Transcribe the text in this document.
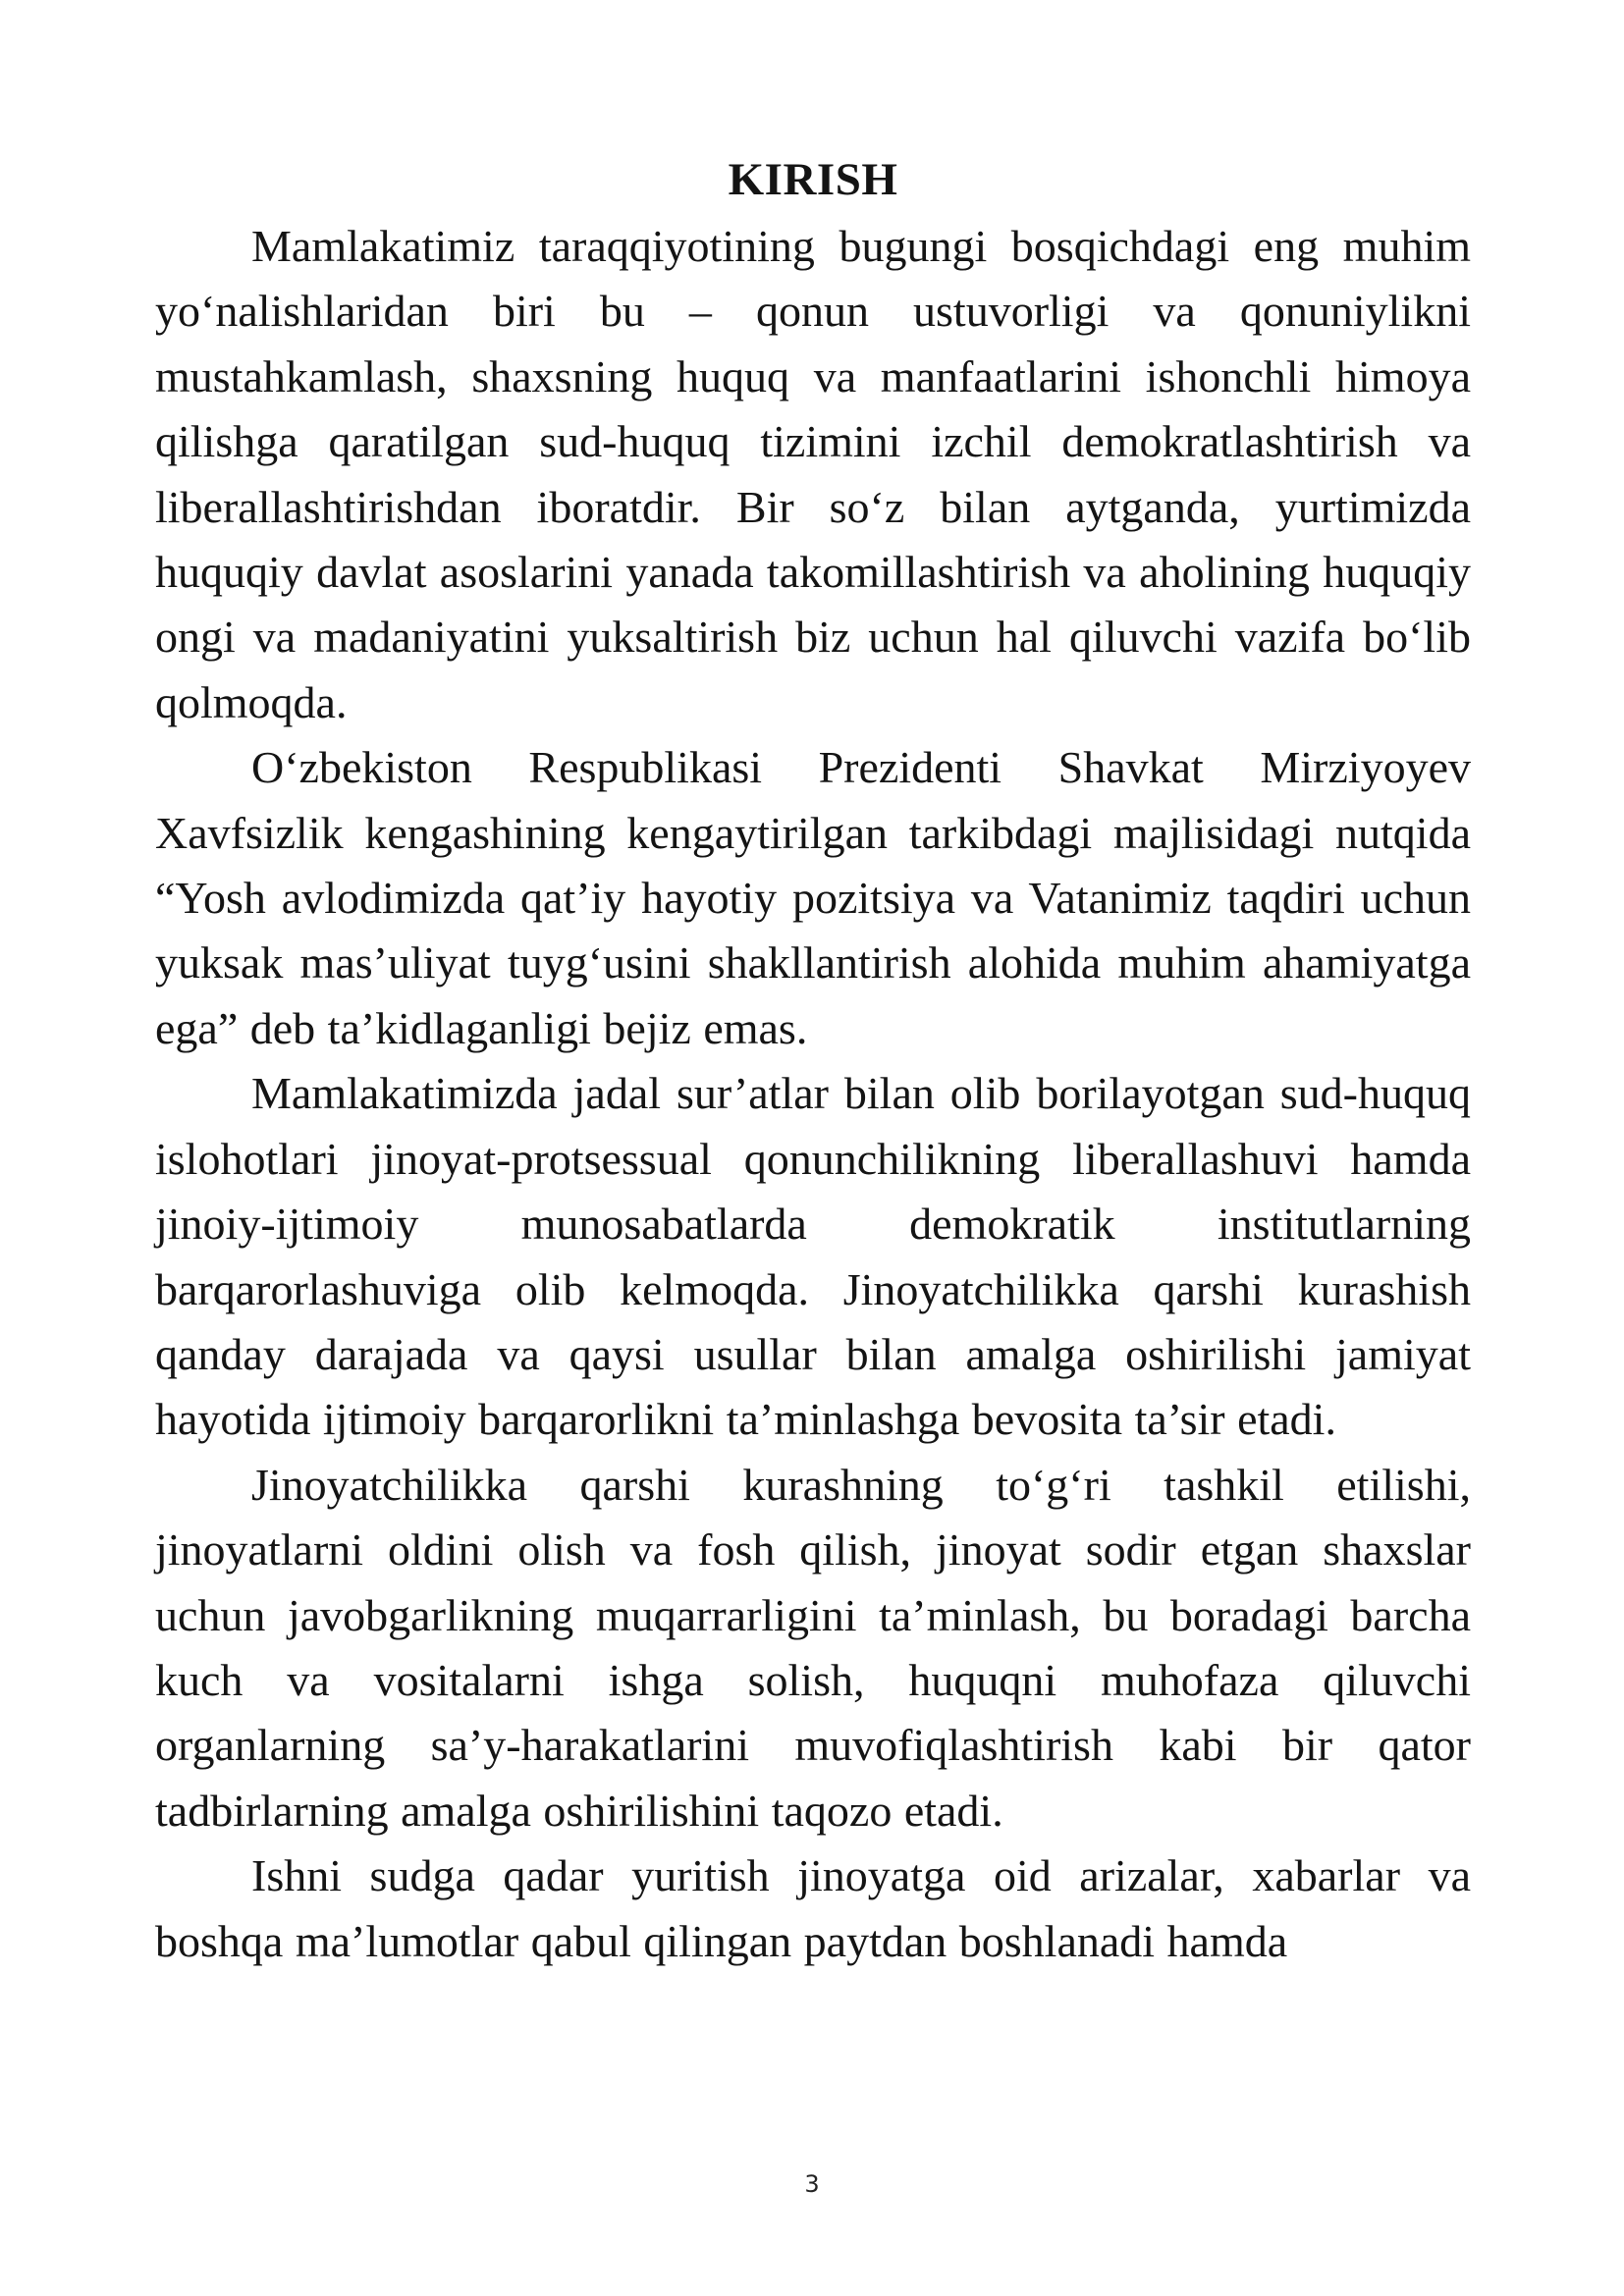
KIRISH

Mamlakatimiz taraqqiyotining bugungi bosqichdagi eng muhim yo‘nalishlaridan biri bu – qonun ustuvorligi va qonuniylikni mustahkamlash, shaxsning huquq va manfaatlarini ishonchli himoya qilishga qaratilgan sud-huquq tizimini izchil demokratlashtirish va liberallashtirishdan iboratdir. Bir so‘z bilan aytganda, yurtimizda huquqiy davlat asoslarini yanada takomillashtirish va aholining huquqiy ongi va madaniyatini yuksaltirish biz uchun hal qiluvchi vazifa bo‘lib qolmoqda.

O‘zbekiston Respublikasi Prezidenti Shavkat Mirziyoyev Xavfsizlik kengashining kengaytirilgan tarkibdagi majlisidagi nutqida “Yosh avlodimizda qat’iy hayotiy pozitsiya va Vatanimiz taqdiri uchun yuksak mas’uliyat tuyg‘usini shakllantirish alohida muhim ahamiyatga ega” deb ta’kidlaganligi bejiz emas.

Mamlakatimizda jadal sur’atlar bilan olib borilayotgan sud-huquq islohotlari jinoyat-protsessual qonunchilikning liberallashuvi hamda jinoiy-ijtimoiy munosabatlarda demokratik institutlarning barqarorlashuviga olib kelmoqda. Jinoyatchilikka qarshi kurashish qanday darajada va qaysi usullar bilan amalga oshirilishi jamiyat hayotida ijtimoiy barqarorlikni ta’minlashga bevosita ta’sir etadi.

Jinoyatchilikka qarshi kurashning to‘g‘ri tashkil etilishi, jinoyatlarni oldini olish va fosh qilish, jinoyat sodir etgan shaxslar uchun javobgarlikning muqarrarligini ta’minlash, bu boradagi barcha kuch va vositalarni ishga solish, huquqni muhofaza qiluvchi organlarning sa’y-harakatlarini muvofiqlashtirish kabi bir qator tadbirlarning amalga oshirilishini taqozo etadi.

Ishni sudga qadar yuritish jinoyatga oid arizalar, xabarlar va boshqa ma’lumotlar qabul qilingan paytdan boshlanadi hamda

3
